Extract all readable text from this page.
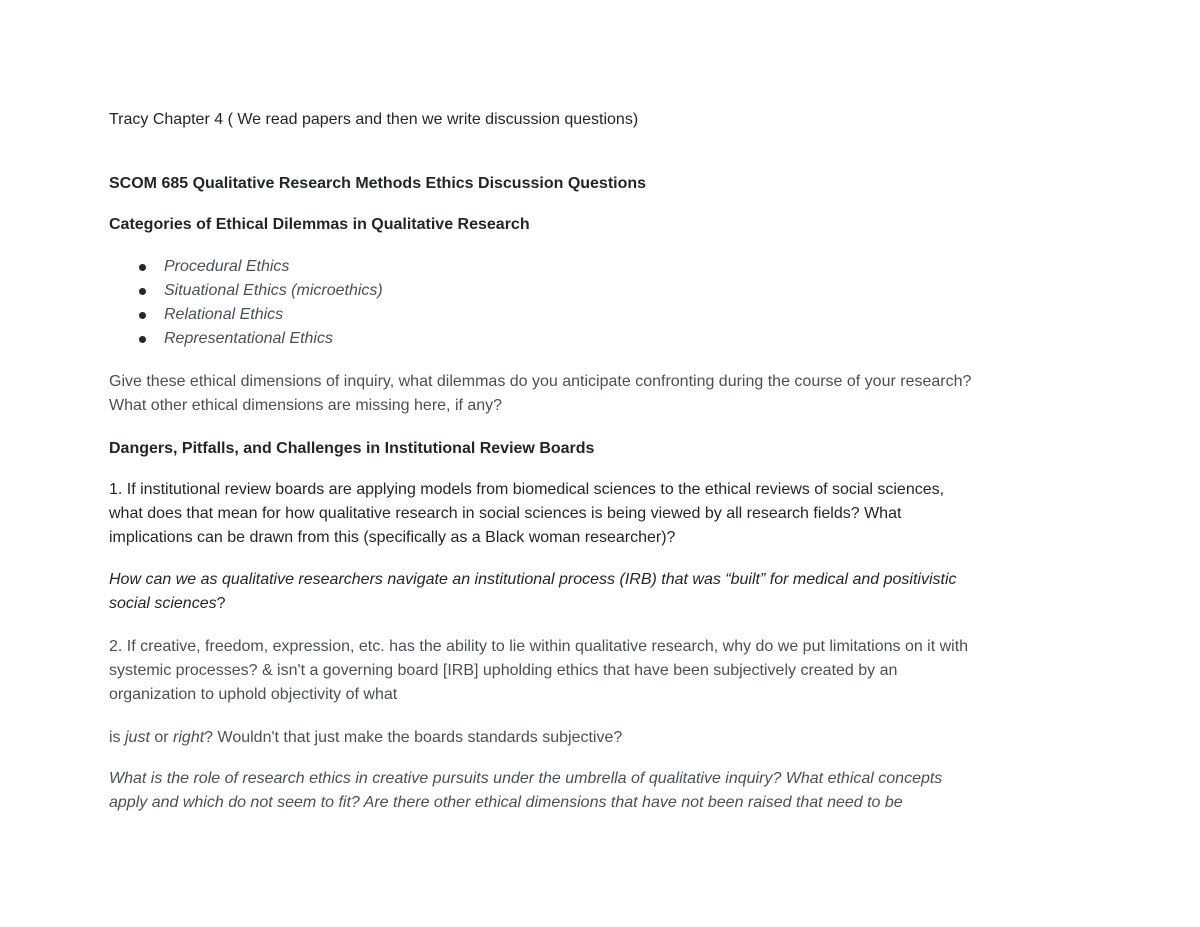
Tracy Chapter 4 ( We read papers and then we write discussion questions)

SCOM 685 Qualitative Research Methods Ethics Discussion Questions

Categories of Ethical Dilemmas in Qualitative Research

Procedural Ethics
Situational Ethics (microethics)
Relational Ethics
Representational Ethics

Give these ethical dimensions of inquiry, what dilemmas do you anticipate confronting during the course of your research?

What other ethical dimensions are missing here, if any?

Dangers, Pitfalls, and Challenges in Institutional Review Boards

1. If institutional review boards are applying models from biomedical sciences to the ethical reviews of social sciences,

what does that mean for how qualitative research in social sciences is being viewed by all research fields? What

implications can be drawn from this (specifically as a Black woman researcher)?

How can we as qualitative researchers navigate an institutional process (IRB) that was “built” for medical and positivistic

social sciences?

2. If creative, freedom, expression, etc. has the ability to lie within qualitative research, why do we put limitations on it with

systemic processes? & isn't a governing board [IRB] upholding ethics that have been subjectively created by an

organization to uphold objectivity of what

is just or right? Wouldn't that just make the boards standards subjective?

What is the role of research ethics in creative pursuits under the umbrella of qualitative inquiry? What ethical concepts

apply and which do not seem to fit? Are there other ethical dimensions that have not been raised that need to be
